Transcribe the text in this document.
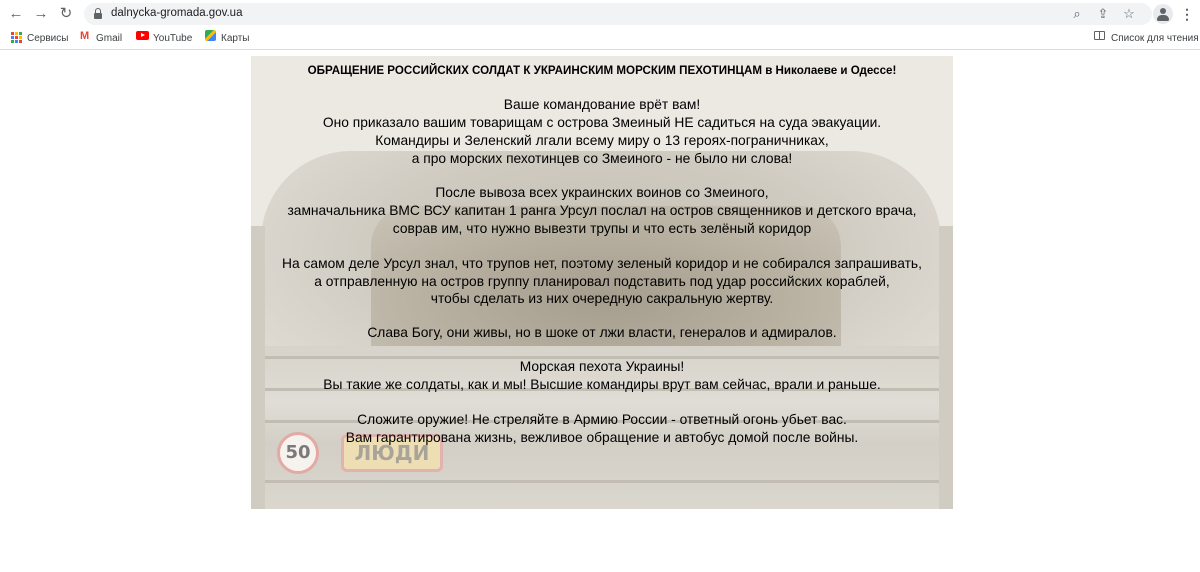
← → ↻	dalnycka-gromada.gov.ua	⌕	⇪ ☆	⋮
Сервисы M Gmail	YouTube	Карты	Список для чтения
50	ЛЮДИ
ОБРАЩЕНИЕ РОССИЙСКИХ СОЛДАТ К УКРАИНСКИМ МОРСКИМ ПЕХОТИНЦАМ в Николаеве и Одессе!
Ваше командование врёт вам!
Оно приказало вашим товарищам с острова Змеиный НЕ садиться на суда эвакуации.
Командиры и Зеленский лгали всему миру о 13 героях-пограничниках,
а про морских пехотинцев со Змеиного - не было ни слова!
После вывоза всех украинских воинов со Змеиного,
замначальника ВМС ВСУ капитан 1 ранга Урсул послал на остров священников и детского врача,
соврав им, что нужно вывезти трупы и что есть зелёный коридор
На самом деле Урсул знал, что трупов нет, поэтому зеленый коридор и не собирался запрашивать,
а отправленную на остров группу планировал подставить под удар российских кораблей,
чтобы сделать из них очередную сакральную жертву.
Слава Богу, они живы, но в шоке от лжи власти, генералов и адмиралов.
Морская пехота Украины!
Вы такие же солдаты, как и мы! Высшие командиры врут вам сейчас, врали и раньше.
Сложите оружие! Не стреляйте в Армию России - ответный огонь убьет вас.
Вам гарантирована жизнь, вежливое обращение и автобус домой после войны.
